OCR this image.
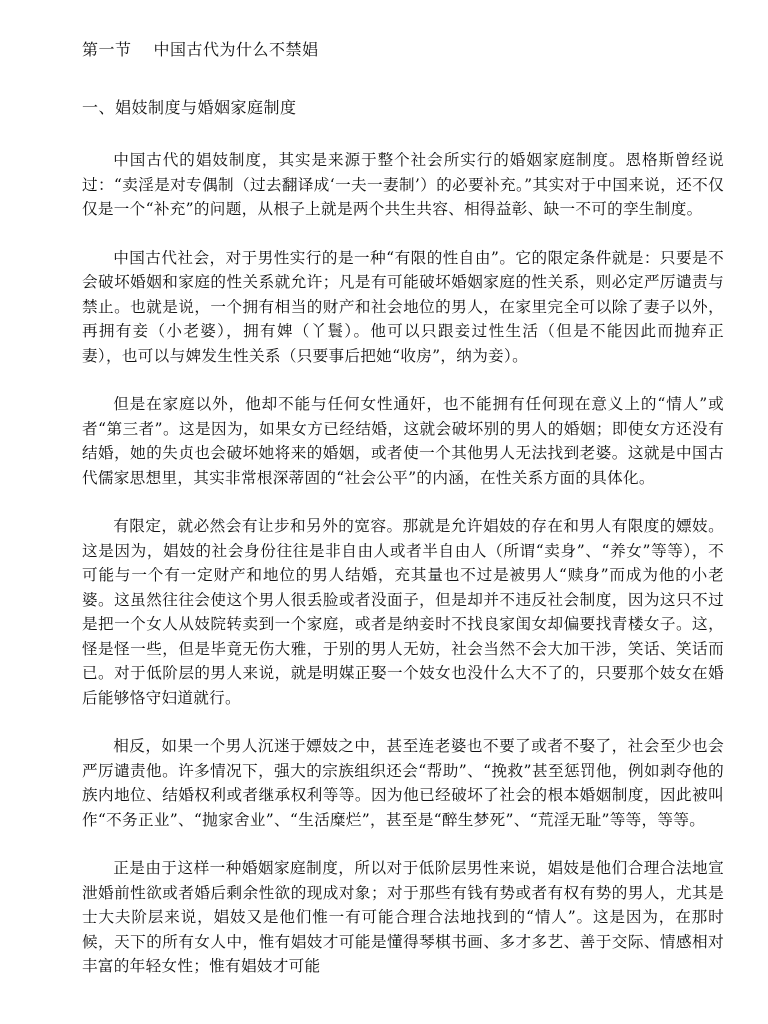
第一节 中国古代为什么不禁娼
一、娼妓制度与婚姻家庭制度

中国古代的娼妓制度，其实是来源于整个社会所实行的婚姻家庭制度。恩格斯曾经说过：“卖淫是对专偶制（过去翻译成‘一夫一妻制’）的必要补充。”其实对于中国来说，还不仅仅是一个“补充”的问题，从根子上就是两个共生共容、相得益彰、缺一不可的孪生制度。

中国古代社会，对于男性实行的是一种“有限的性自由”。它的限定条件就是：只要是不会破坏婚姻和家庭的性关系就允许；凡是有可能破坏婚姻家庭的性关系，则必定严厉谴责与禁止。也就是说，一个拥有相当的财产和社会地位的男人，在家里完全可以除了妻子以外，再拥有妾（小老婆），拥有婢（丫鬟）。他可以只跟妾过性生活（但是不能因此而抛弃正妻），也可以与婢发生性关系（只要事后把她“收房”，纳为妾）。

但是在家庭以外，他却不能与任何女性通奸，也不能拥有任何现在意义上的“情人”或者“第三者”。这是因为，如果女方已经结婚，这就会破坏别的男人的婚姻；即使女方还没有结婚，她的失贞也会破坏她将来的婚姻，或者使一个其他男人无法找到老婆。这就是中国古代儒家思想里，其实非常根深蒂固的“社会公平”的内涵，在性关系方面的具体化。

有限定，就必然会有让步和另外的宽容。那就是允许娼妓的存在和男人有限度的嫖妓。这是因为，娼妓的社会身份往往是非自由人或者半自由人（所谓“卖身”、“养女”等等），不可能与一个有一定财产和地位的男人结婚，充其量也不过是被男人“赎身”而成为他的小老婆。这虽然往往会使这个男人很丢脸或者没面子，但是却并不违反社会制度，因为这只不过是把一个女人从妓院转卖到一个家庭，或者是纳妾时不找良家闺女却偏要找青楼女子。这，怪是怪一些，但是毕竟无伤大雅，于别的男人无妨，社会当然不会大加干涉，笑话、笑话而已。对于低阶层的男人来说，就是明媒正娶一个妓女也没什么大不了的，只要那个妓女在婚后能够恪守妇道就行。

相反，如果一个男人沉迷于嫖妓之中，甚至连老婆也不要了或者不娶了，社会至少也会严厉谴责他。许多情况下，强大的宗族组织还会“帮助”、“挽救”甚至惩罚他，例如剥夺他的族内地位、结婚权利或者继承权利等等。因为他已经破坏了社会的根本婚姻制度，因此被叫作“不务正业”、“抛家舍业”、“生活糜烂”，甚至是“醉生梦死”、“荒淫无耻”等等，等等。

正是由于这样一种婚姻家庭制度，所以对于低阶层男性来说，娼妓是他们合理合法地宣泄婚前性欲或者婚后剩余性欲的现成对象；对于那些有钱有势或者有权有势的男人，尤其是士大夫阶层来说，娼妓又是他们惟一有可能合理合法地找到的“情人”。这是因为，在那时候，天下的所有女人中，惟有娼妓才可能是懂得琴棋书画、多才多艺、善于交际、情感相对丰富的年轻女性；惟有娼妓才可能
